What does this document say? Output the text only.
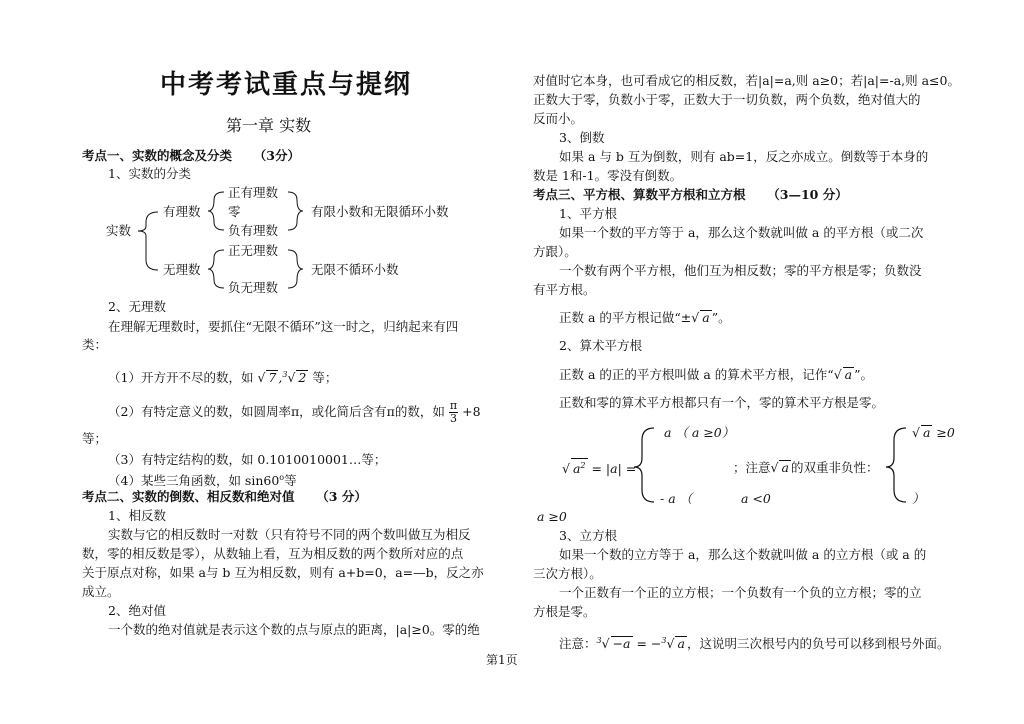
中考考试重点与提纲
第一章 实数
考点一、实数的概念及分类 （3分）
1、实数的分类
实数
有理数
无理数
正有理数
零
负有理数
正无理数
负无理数
有限小数和无限循环小数
无限不循环小数
2、无理数
在理解无理数时，要抓住“无限不循环”这一时之，归纳起来有四
类：
（1）开方开不尽的数，如 √ 7 ,$^3$√ 2 等；
（2）有特定意义的数，如圆周率π，或化简后含有π的数，如 $\frac{\pi}{3} +8$
等；
（3）有特定结构的数，如 0.1010010001…等；
（4）某些三角函数，如 sin60$^o$等
考点二、实数的倒数、相反数和绝对值 （3 分）
1、相反数
实数与它的相反数时一对数（只有符号不同的两个数叫做互为相反
数，零的相反数是零），从数轴上看，互为相反数的两个数所对应的点
关于原点对称，如果 a与 b 互为相反数，则有 a+b=0，a=—b，反之亦
成立。
2、绝对值
一个数的绝对值就是表示这个数的点与原点的距离，|a|≥0。零的绝
对值时它本身，也可看成它的相反数，若|a|=a,则 a≥0；若|a|=-a,则 a≤0。
正数大于零，负数小于零，正数大于一切负数，两个负数，绝对值大的
反而小。
3、倒数
如果 a 与 b 互为倒数，则有 ab=1，反之亦成立。倒数等于本身的
数是 1和-1。零没有倒数。
考点三、平方根、算数平方根和立方根 （3—10 分）
1、平方根
如果一个数的平方等于 a，那么这个数就叫做 a 的平方根（或二次
方跟）。
一个数有两个平方根，他们互为相反数；零的平方根是零；负数没
有平方根。
正数 a 的平方根记做“±√ a ”。
2、算术平方根
正数 a 的正的平方根叫做 a 的算术平方根，记作“√ a ”。
正数和零的算术平方根都只有一个，零的算术平方根是零。
√ $a^2 = |a|$ =
a （ a ≥0）
- a （	a <0
；注意√ a 的双重非负性：
√ a ≥0
）
a ≥0
3、立方根
如果一个数的立方等于 a，那么这个数就叫做 a 的立方根（或 a 的
三次方根）。
一个正数有一个正的立方根；一个负数有一个负的立方根；零的立
方根是零。
注意：$^3$√ −a = −$^3$√ a ，这说明三次根号内的负号可以移到根号外面。
第1页
